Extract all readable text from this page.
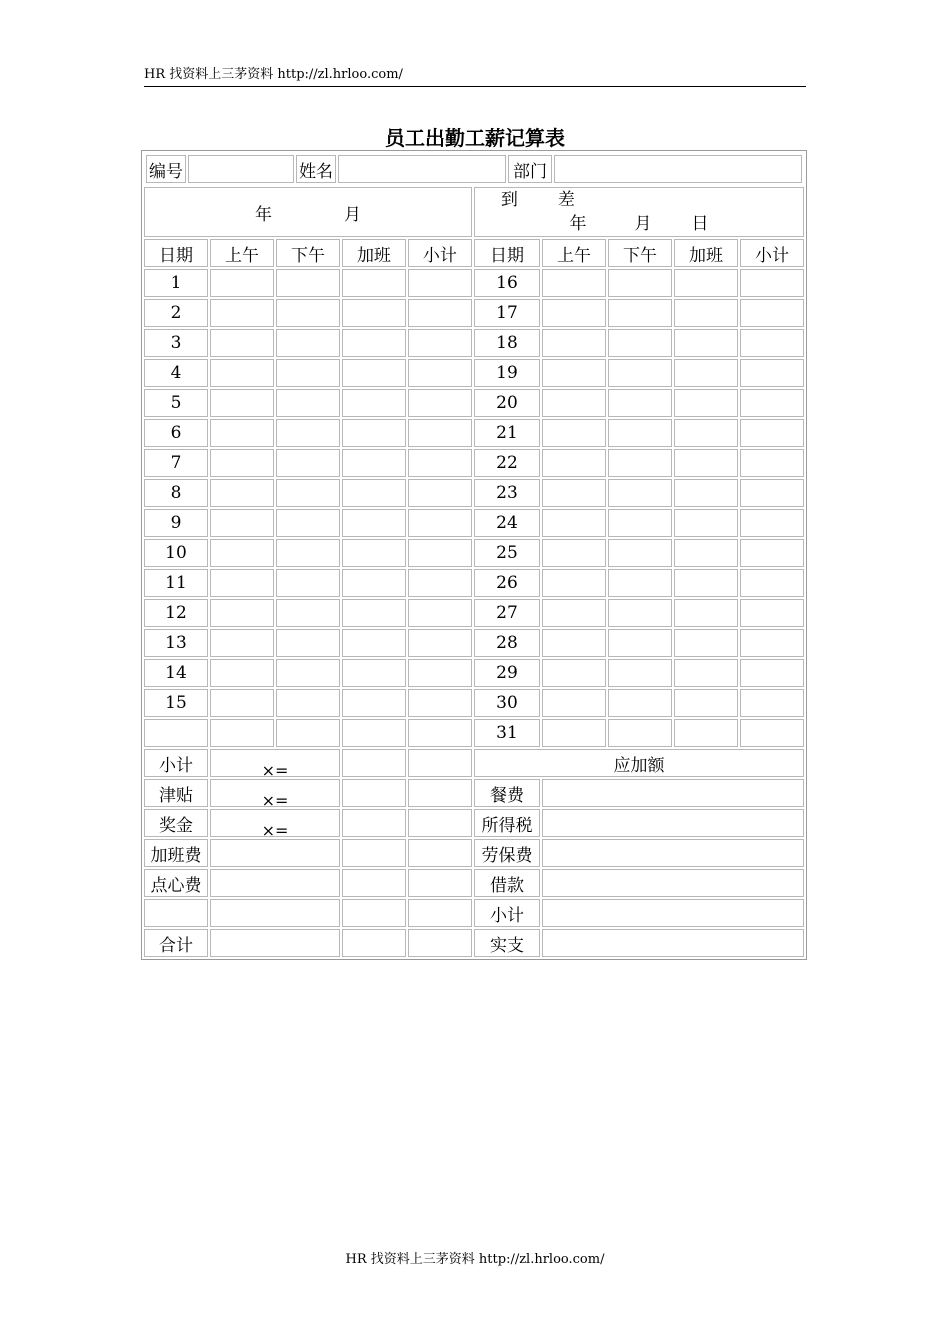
HR 找资料上三茅资料 http://zl.hrloo.com/
员工出勤工薪记算表
编号		姓名		部门	

年	月	
到 差
年	月 日

日期	上午	下午	加班	小计	日期	上午	下午	加班	小计
1					16				
2					17				
3					18				
4					19				
5					20				
6					21				
7					22				
8					23				
9					24				
10					25				
11					26				
12					27				
13					28				
14					29				
15					30				
					31				
小计	×=			应加额
津贴	×=			餐费	
奖金	×=			所得税	
加班费				劳保费	
点心费				借款	
				小计	
合计				实支	
HR 找资料上三茅资料 http://zl.hrloo.com/
